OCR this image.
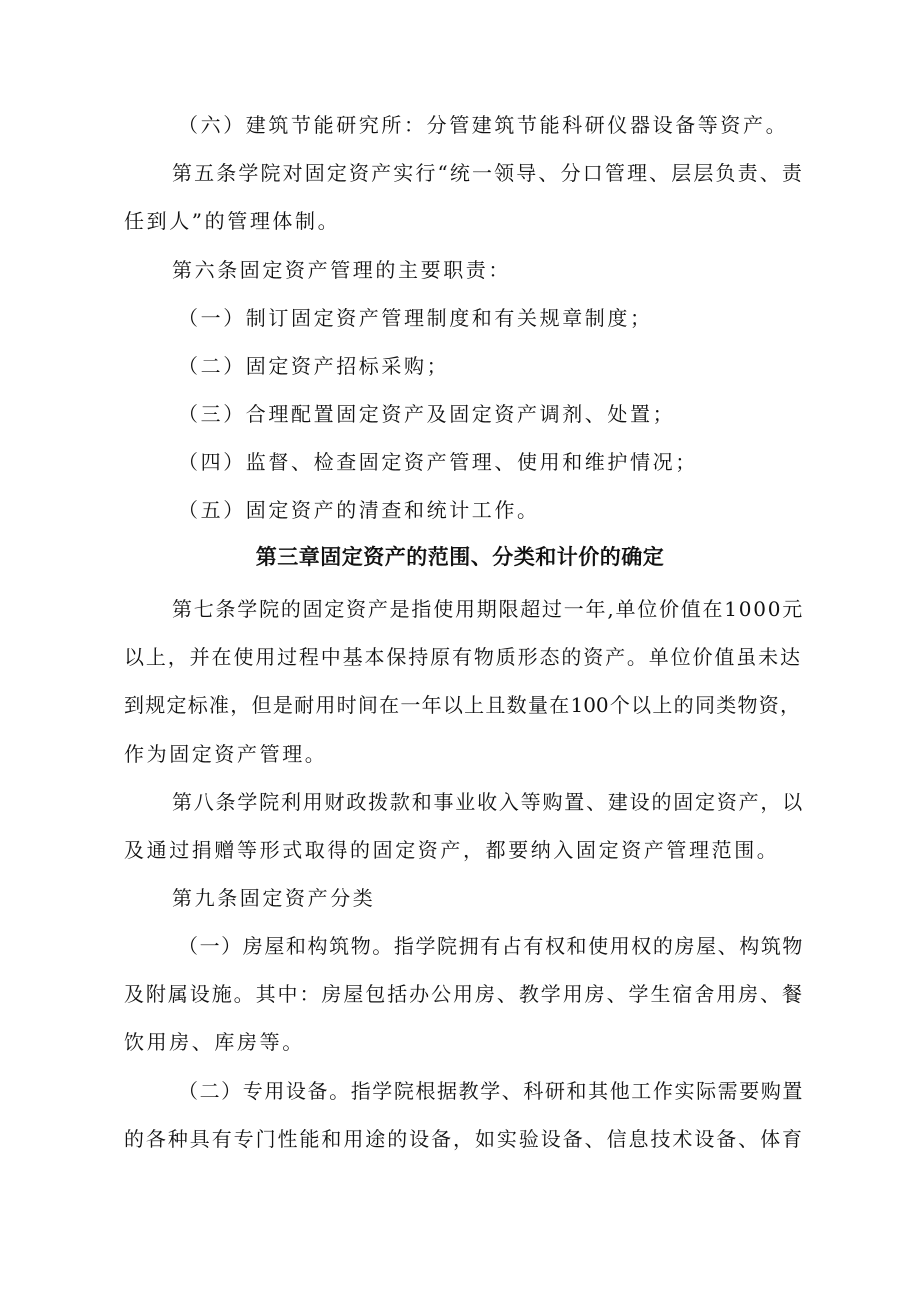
（六）建筑节能研究所：分管建筑节能科研仪器设备等资产。
第五条学院对固定资产实行“统一领导、分口管理、层层负责、责
任到人”的管理体制。
第六条固定资产管理的主要职责：
（一）制订固定资产管理制度和有关规章制度；
（二）固定资产招标采购；
（三）合理配置固定资产及固定资产调剂、处置；
（四）监督、检查固定资产管理、使用和维护情况；
（五）固定资产的清查和统计工作。
第三章固定资产的范围、分类和计价的确定
第七条学院的固定资产是指使用期限超过一年,单位价值在1000元
以上，并在使用过程中基本保持原有物质形态的资产。单位价值虽未达
到规定标准，但是耐用时间在一年以上且数量在100个以上的同类物资，
作为固定资产管理。
第八条学院利用财政拨款和事业收入等购置、建设的固定资产，以
及通过捐赠等形式取得的固定资产，都要纳入固定资产管理范围。
第九条固定资产分类
（一）房屋和构筑物。指学院拥有占有权和使用权的房屋、构筑物
及附属设施。其中：房屋包括办公用房、教学用房、学生宿舍用房、餐
饮用房、库房等。
（二）专用设备。指学院根据教学、科研和其他工作实际需要购置
的各种具有专门性能和用途的设备，如实验设备、信息技术设备、体育
